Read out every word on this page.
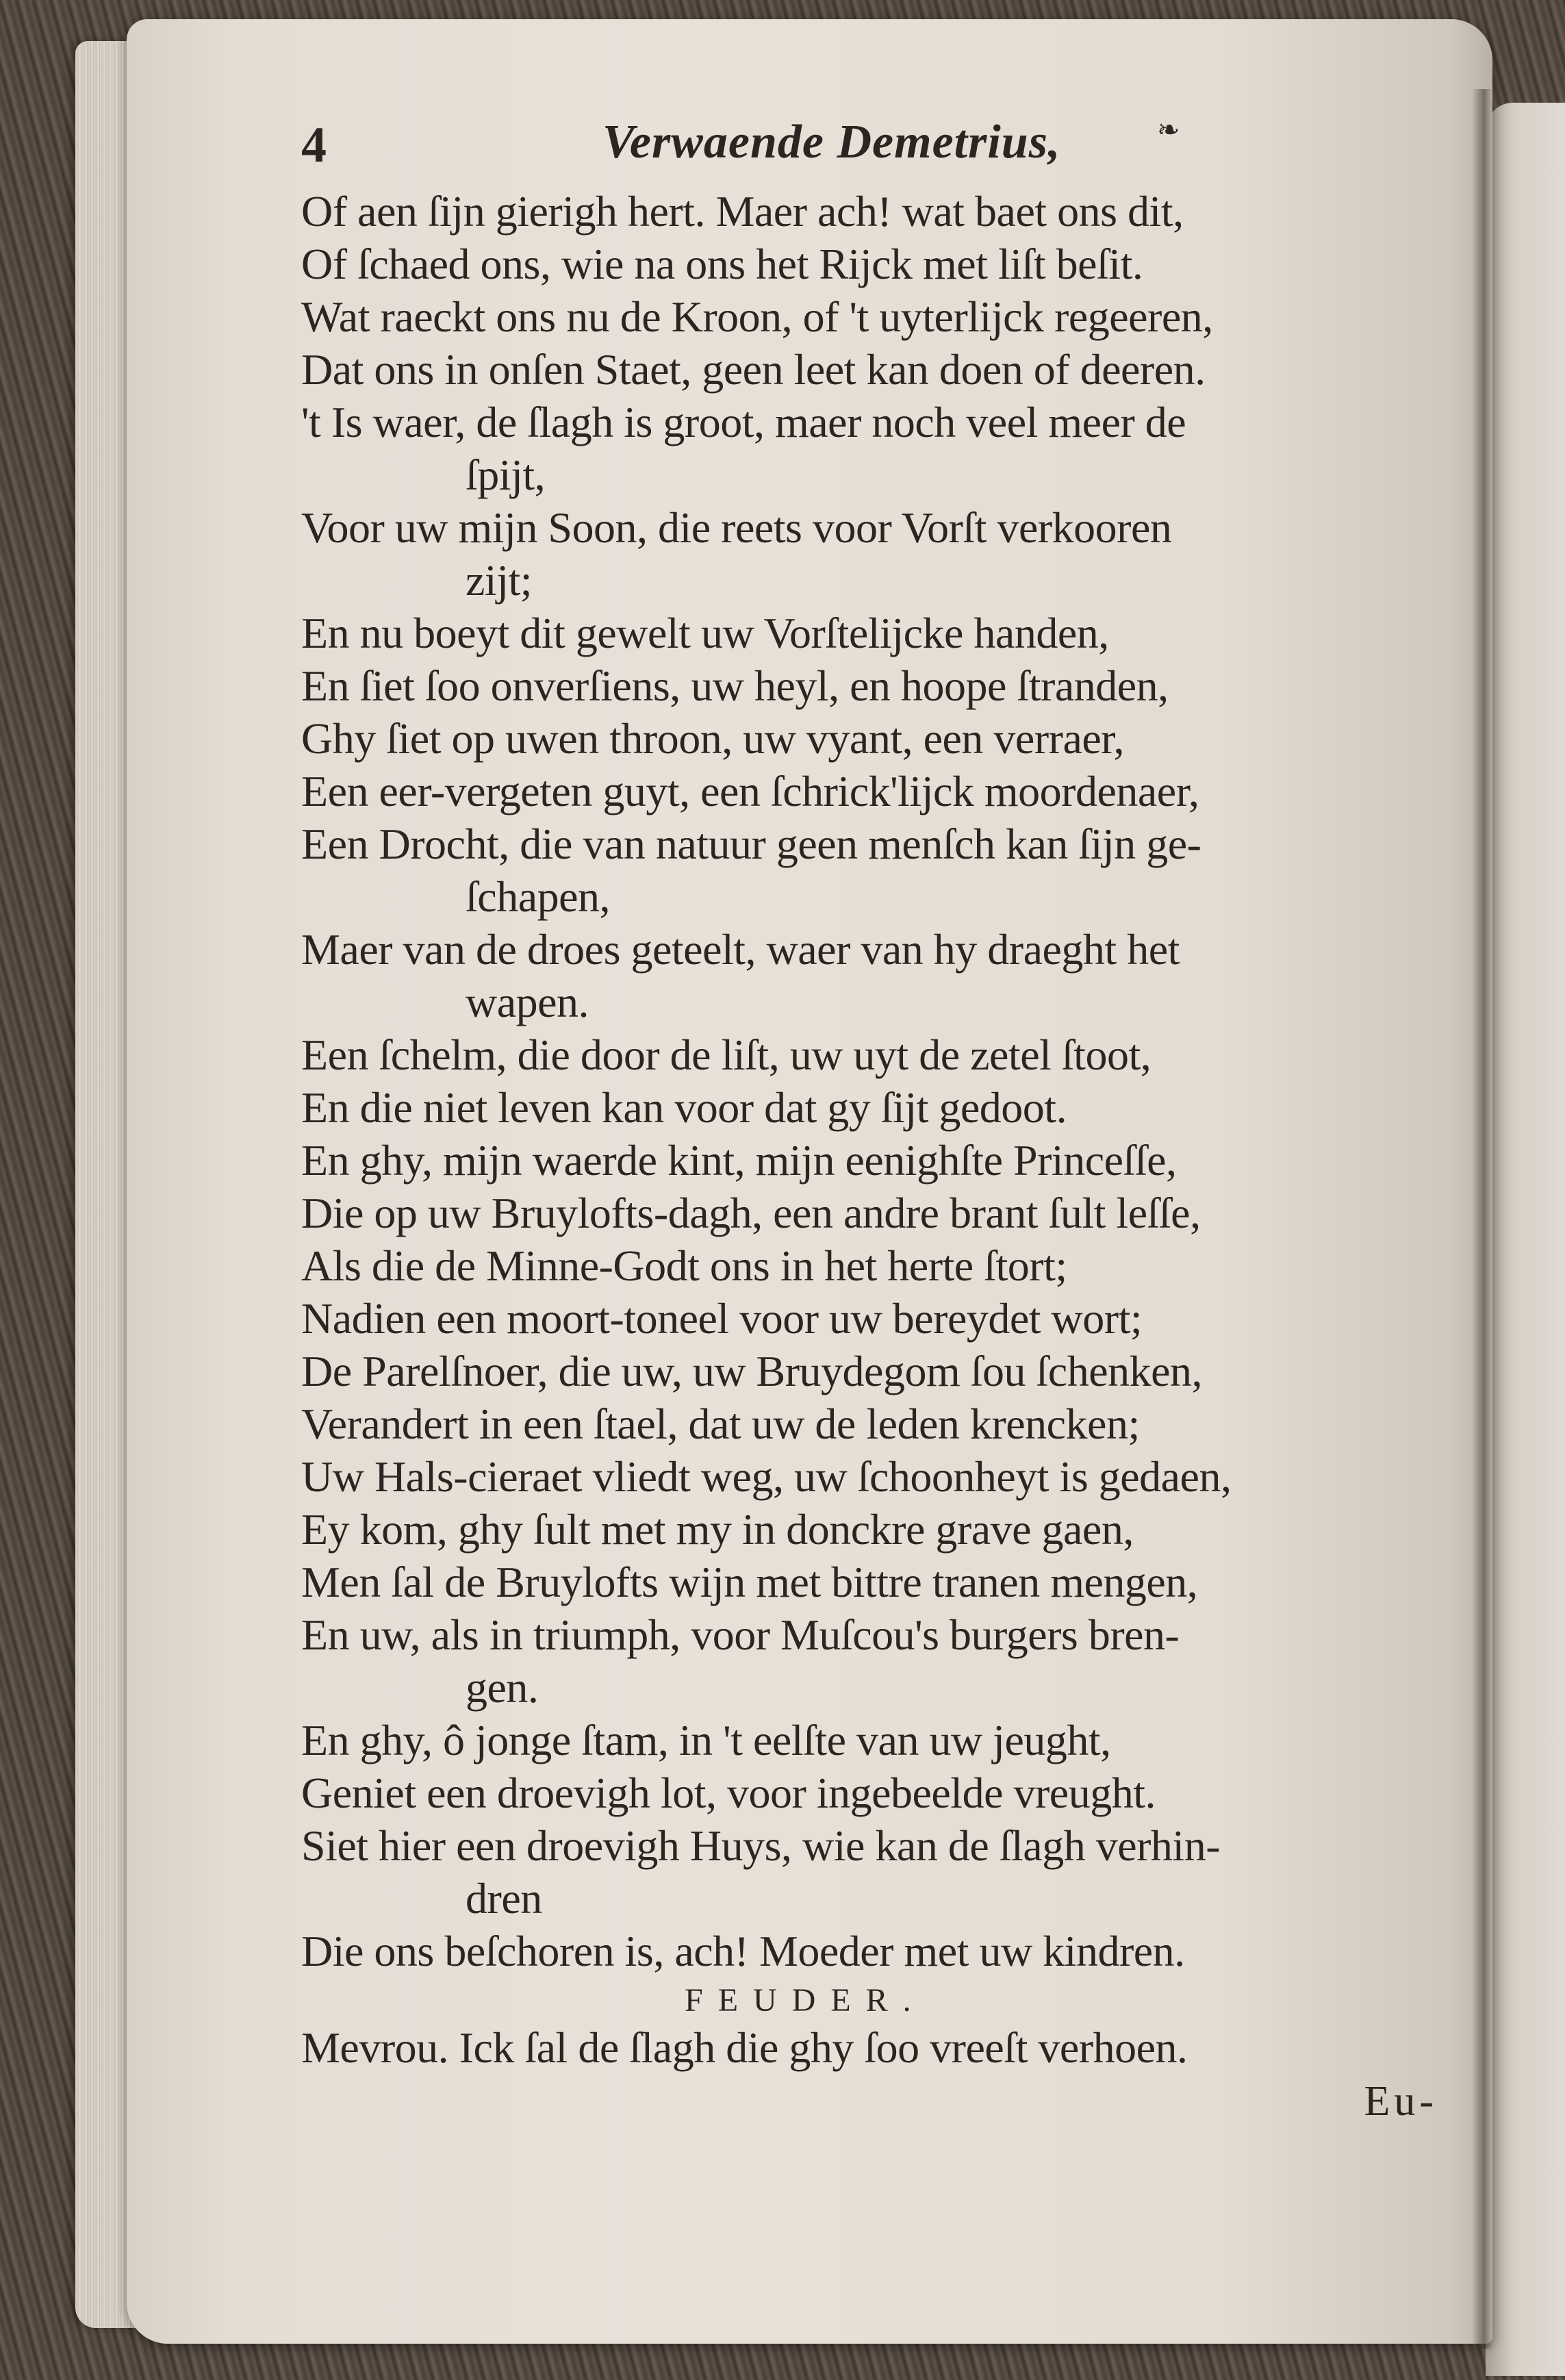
4	Verwaende Demetrius,	❧
Of aen ſijn gierigh hert. Maer ach! wat baet ons dit,
Of ſchaed ons, wie na ons het Rijck met liſt beſit.
Wat raeckt ons nu de Kroon, of 't uyterlijck regeeren,
Dat ons in onſen Staet, geen leet kan doen of deeren.
't Is waer, de ſlagh is groot, maer noch veel meer de
ſpijt,
Voor uw mijn Soon, die reets voor Vorſt verkooren
zijt;
En nu boeyt dit gewelt uw Vorſtelijcke handen,
En ſiet ſoo onverſiens, uw heyl, en hoope ſtranden,
Ghy ſiet op uwen throon, uw vyant, een verraer,
Een eer-vergeten guyt, een ſchrick'lijck moordenaer,
Een Drocht, die van natuur geen menſch kan ſijn ge-
ſchapen,
Maer van de droes geteelt, waer van hy draeght het
wapen.
Een ſchelm, die door de liſt, uw uyt de zetel ſtoot,
En die niet leven kan voor dat gy ſijt gedoot.
En ghy, mijn waerde kint, mijn eenighſte Princeſſe,
Die op uw Bruylofts-dagh, een andre brant ſult leſſe,
Als die de Minne-Godt ons in het herte ſtort;
Nadien een moort-toneel voor uw bereydet wort;
De Parelſnoer, die uw, uw Bruydegom ſou ſchenken,
Verandert in een ſtael, dat uw de leden krencken;
Uw Hals-cieraet vliedt weg, uw ſchoonheyt is gedaen,
Ey kom, ghy ſult met my in donckre grave gaen,
Men ſal de Bruylofts wijn met bittre tranen mengen,
En uw, als in triumph, voor Muſcou's burgers bren-
gen.
En ghy, ô jonge ſtam, in 't eelſte van uw jeught,
Geniet een droevigh lot, voor ingebeelde vreught.
Siet hier een droevigh Huys, wie kan de ſlagh verhin-
dren
Die ons beſchoren is, ach! Moeder met uw kindren.
FEUDER.
Mevrou. Ick ſal de ſlagh die ghy ſoo vreeſt verhoen.
Eu-
